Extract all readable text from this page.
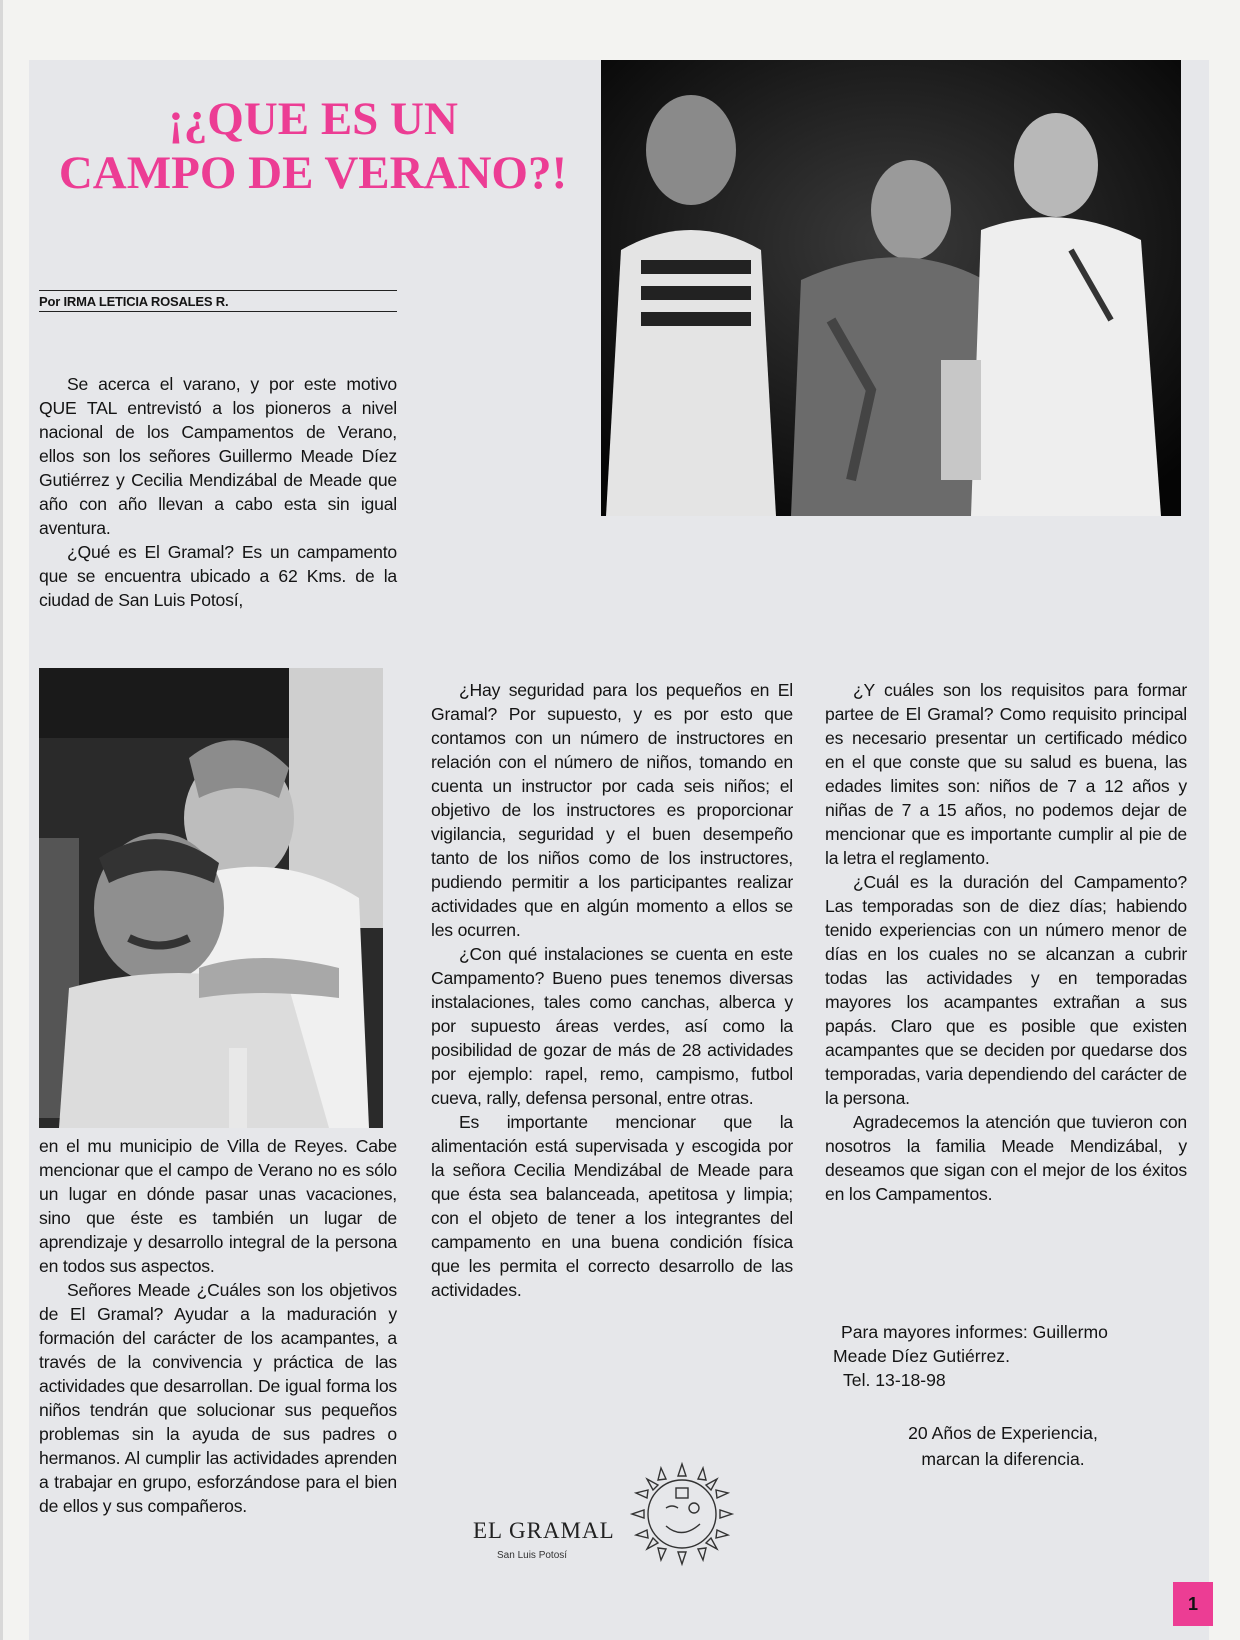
¡¿QUE ES UN
CAMPO DE VERANO?!
Por IRMA LETICIA ROSALES R.

Se acerca el varano, y por este motivo QUE TAL entrevistó a los pioneros a nivel nacional de los Campamentos de Verano, ellos son los señores Guillermo Meade Díez Gutiérrez y Cecilia Mendizábal de Meade que año con año llevan a cabo esta sin igual aventura.

¿Qué es El Gramal? Es un campamento que se encuentra ubicado a 62 Kms. de la ciudad de San Luis Potosí,

en el mu municipio de Villa de Reyes. Cabe mencionar que el campo de Verano no es sólo un lugar en dónde pasar unas vacaciones, sino que éste es también un lugar de aprendizaje y desarrollo integral de la persona en todos sus aspectos.

Señores Meade ¿Cuáles son los objetivos de El Gramal? Ayudar a la maduración y formación del carácter de los acampantes, a través de la convivencia y práctica de las actividades que desarrollan. De igual forma los niños tendrán que solucionar sus pequeños problemas sin la ayuda de sus padres o hermanos. Al cumplir las actividades aprenden a trabajar en grupo, esforzándose para el bien de ellos y sus compañeros.

¿Hay seguridad para los pequeños en El Gramal? Por supuesto, y es por esto que contamos con un número de instructores en relación con el número de niños, tomando en cuenta un instructor por cada seis niños; el objetivo de los instructores es proporcionar vigilancia, seguridad y el buen desempeño tanto de los niños como de los instructores, pudiendo permitir a los participantes realizar actividades que en algún momento a ellos se les ocurren.

¿Con qué instalaciones se cuenta en este Campamento? Bueno pues tenemos diversas instalaciones, tales como canchas, alberca y por supuesto áreas verdes, así como la posibilidad de gozar de más de 28 actividades por ejemplo: rapel, remo, campismo, futbol cueva, rally, defensa personal, entre otras.

Es importante mencionar que la alimentación está supervisada y escogida por la señora Cecilia Mendizábal de Meade para que ésta sea balanceada, apetitosa y limpia; con el objeto de tener a los integrantes del campamento en una buena condición física que les permita el correcto desarrollo de las actividades.

¿Y cuáles son los requisitos para formar partee de El Gramal? Como requisito principal es necesario presentar un certificado médico en el que conste que su salud es buena, las edades limites son: niños de 7 a 12 años y niñas de 7 a 15 años, no podemos dejar de mencionar que es importante cumplir al pie de la letra el reglamento.

¿Cuál es la duración del Campamento? Las temporadas son de diez días; habiendo tenido experiencias con un número menor de días en los cuales no se alcanzan a cubrir todas las actividades y en temporadas mayores los acampantes extrañan a sus papás. Claro que es posible que existen acampantes que se deciden por quedarse dos temporadas, varia dependiendo del carácter de la persona.

Agradecemos la atención que tuvieron con nosotros la familia Meade Mendizábal, y deseamos que sigan con el mejor de los éxitos en los Campamentos.

Para mayores informes: Guillermo
Meade Díez Gutiérrez.
Tel. 13-18-98
20 Años de Experiencia,
marcan la diferencia.
EL GRAMAL
San Luis Potosí
1
